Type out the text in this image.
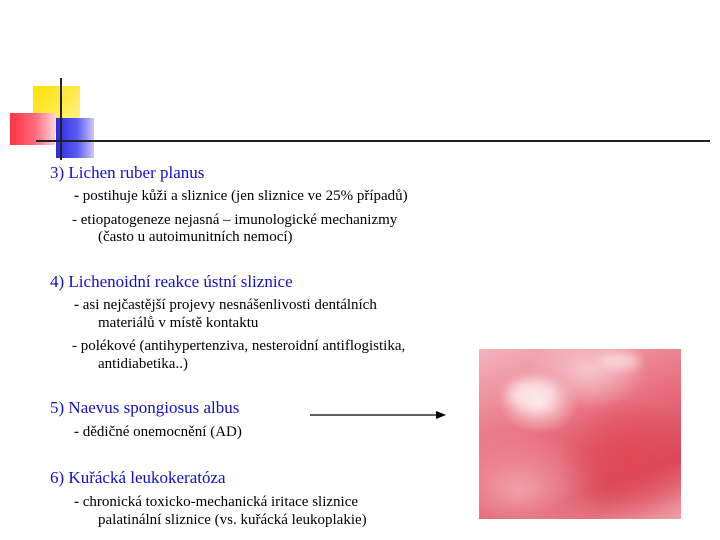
3) Lichen ruber planus
- postihuje kůži a sliznice (jen sliznice ve 25% případů)
- etiopatogeneze nejasná – imunologické mechanizmy
(často u autoimunitních nemocí)
4) Lichenoidní reakce ústní sliznice
- asi nejčastější projevy nesnášenlivosti dentálních
materiálů v místě kontaktu
- polékové (antihypertenziva, nesteroidní antiflogistika,
antidiabetika..)
5) Naevus spongiosus albus
- dědičné onemocnění (AD)
6) Kuřácká leukokeratóza
- chronická toxicko-mechanická iritace sliznice
palatinální sliznice (vs. kuřácká leukoplakie)
